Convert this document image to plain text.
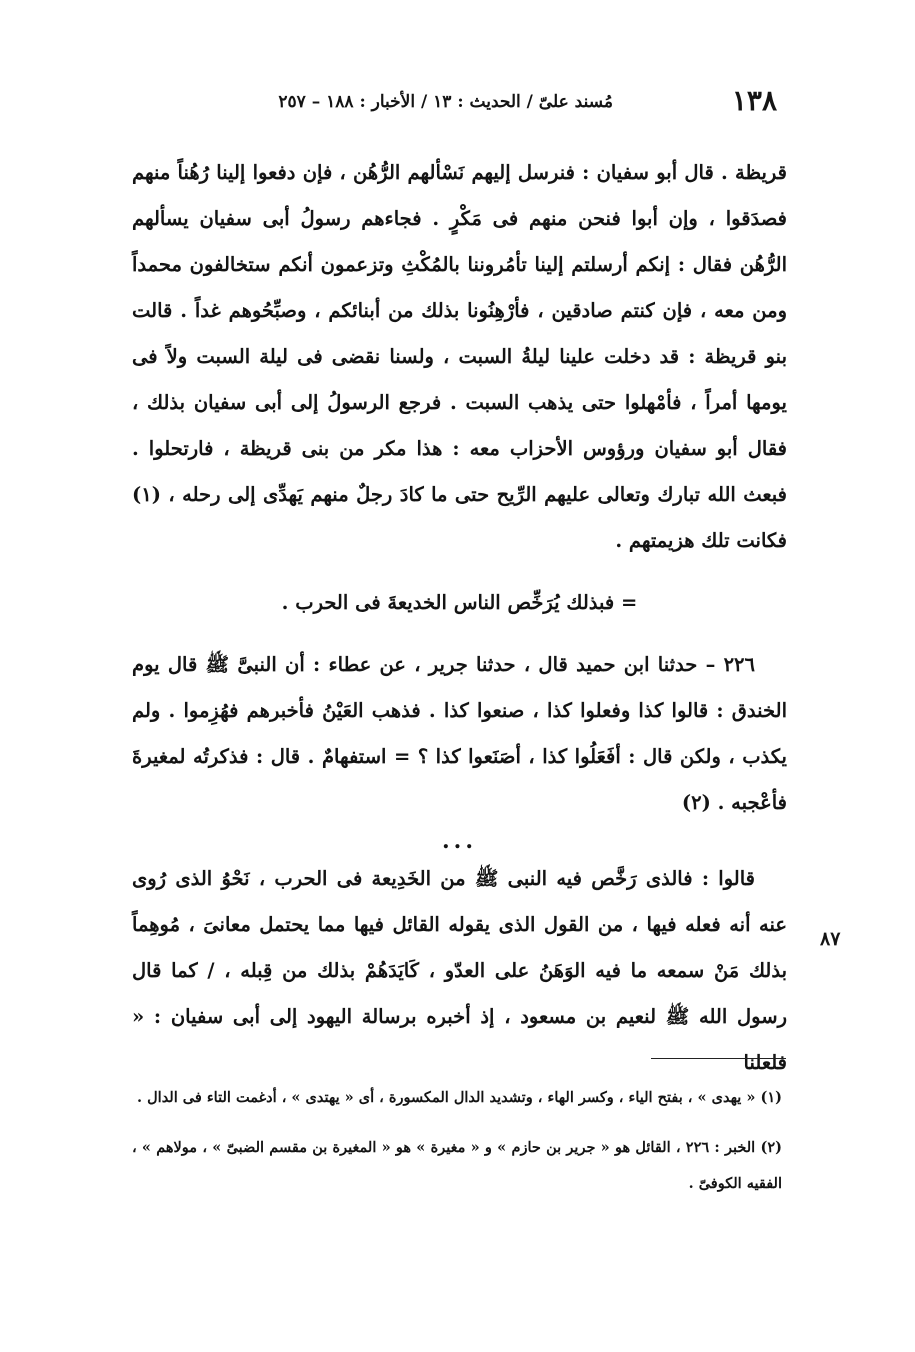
١٣٨
مُسند علىّ / الحديث : ١٣ / الأخبار : ١٨٨ – ٢٥٧

قريظة . قال أبو سفيان : فنرسل إليهم نَسْألهم الرُّهُن ، فإن دفعوا إلينا رُهُناً منهم فصدَقوا ، وإن أبوا فنحن منهم فى مَكْرٍ . فجاءهم رسولُ أبى سفيان يسألهم الرُّهُن فقال : إنكم أرسلتم إلينا تأمُروننا بالمُكْثِ وتزعمون أنكم ستخالفون محمداً ومن معه ، فإن كنتم صادقين ، فأرْهِنُونا بذلك من أبنائكم ، وصبِّحُوهم غداً . قالت بنو قريظة : قد دخلت علينا ليلةُ السبت ، ولسنا نقضى فى ليلة السبت ولاً فى يومها أمراً ، فأمْهلوا حتى يذهب السبت . فرجع الرسولُ إلى أبى سفيان بذلك ، فقال أبو سفيان ورؤوس الأحزاب معه : هذا مكر من بنى قريظة ، فارتحلوا . فبعث الله تبارك وتعالى عليهم الرِّيح حتى ما كادَ رجلٌ منهم يَهدِّى إلى رحله ، (١) فكانت تلك هزيمتهم .

= فبذلك يُرَخِّص الناس الخديعةَ فى الحرب .

٢٢٦ – حدثنا ابن حميد قال ، حدثنا جرير ، عن عطاء : أن النبىَّ ﷺ قال يوم الخندق : قالوا كذا وفعلوا كذا ، صنعوا كذا . فذهب العَيْنُ فأخبرهم فهُزِموا . ولم يكذب ، ولكن قال : أفَعَلُوا كذا ، أصَنَعوا كذا ؟ = استفهامٌ . قال : فذكرتُه لمغيرةَ فأعْجبه . (٢)

...

قالوا : فالذى رَخَّص فيه النبى ﷺ من الخَدِيعة فى الحرب ، نَحْوُ الذى رُوى عنه أنه فعله فيها ، من القول الذى يقوله القائل فيها مما يحتمل معانىَ ، مُوهِماً بذلك مَنْ سمعه ما فيه الوَهَنُ على العدّو ، كَايَدَهُمْ بذلك من قِبله ، / كما قال رسول الله ﷺ لنعيم بن مسعود ، إذ أخبره برسالة اليهود إلى أبى سفيان : « فلعلنا

٨٧

(١) « يهدى » ، بفتح الياء ، وكسر الهاء ، وتشديد الدال المكسورة ، أى « يهتدى » ، أدغمت التاء فى الدال .

(٢) الخبر : ٢٢٦ ، القائل هو « جرير بن حازم » و « مغيرة » هو « المغيرة بن مقسم الضبىّ » ، مولاهم » ، الفقيه الكوفىّ .
